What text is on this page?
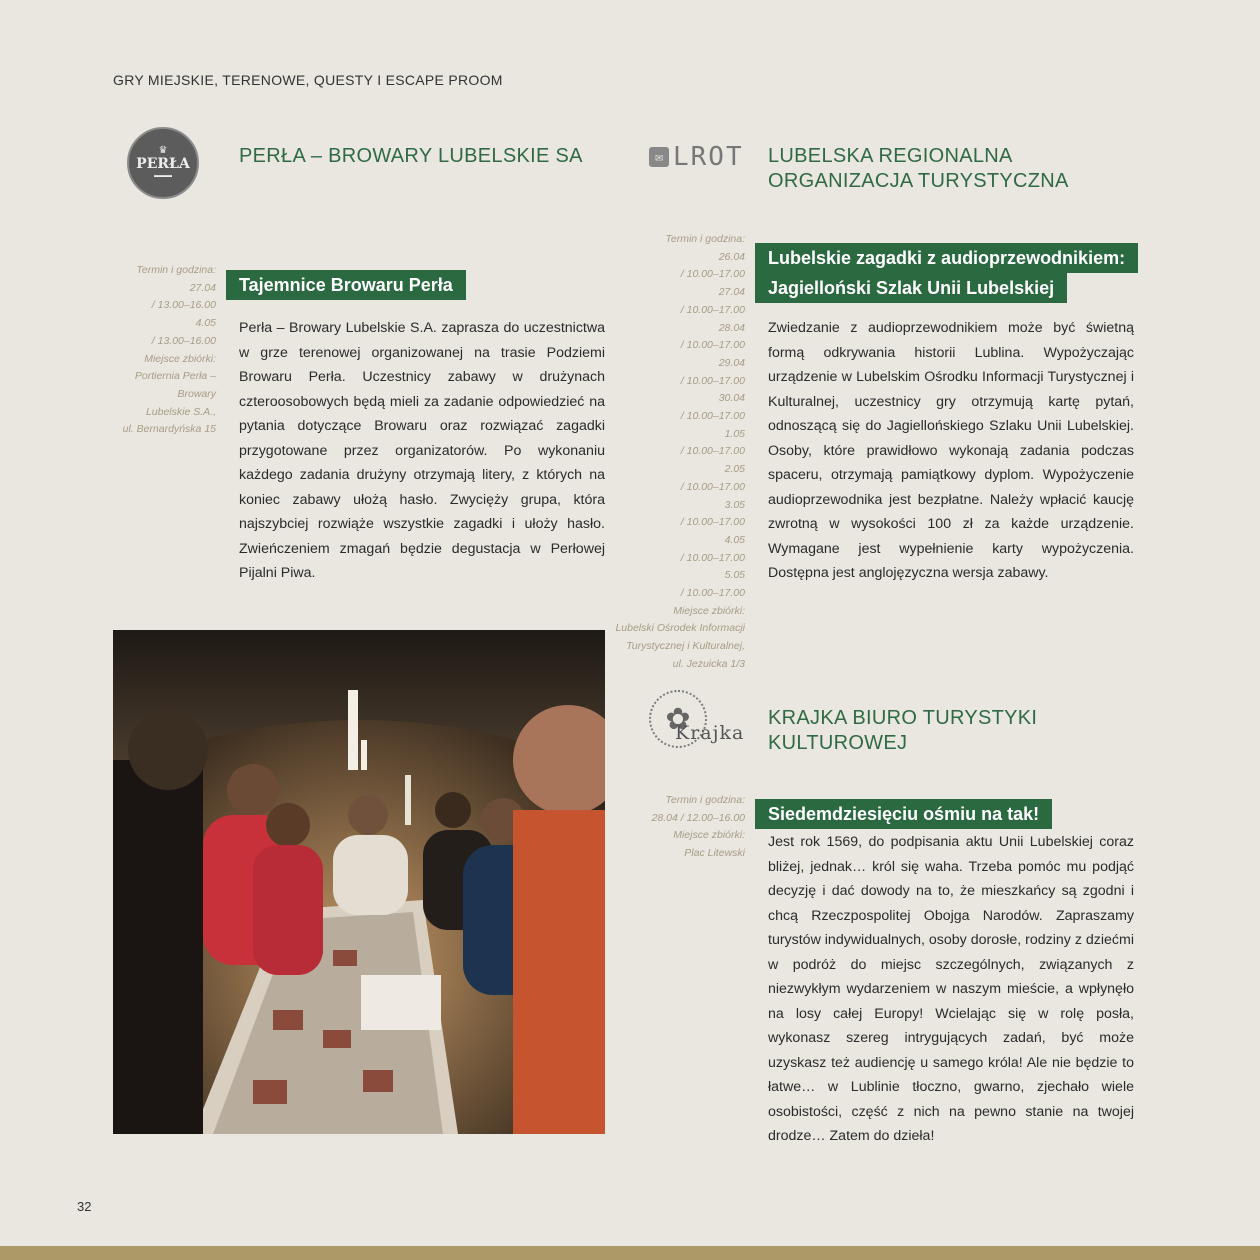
GRY MIEJSKIE, TERENOWE, QUESTY I ESCAPE PROOM
♛
PERŁA
▬▬▬
PERŁA – BROWARY LUBELSKIE SA
Termin i godzina:
27.04
/ 13.00–16.00
4.05
/ 13.00–16.00
Miejsce zbiórki:
Portiernia Perła –
Browary
Lubelskie S.A.,
ul. Bernardyńska 15
Tajemnice Browaru Perła
Perła – Browary Lubelskie S.A. zaprasza do uczestnictwa w grze terenowej organizowanej na trasie Podziemi Browaru Perła. Uczestnicy zabawy w drużynach czteroosobowych będą mieli za zadanie odpowiedzieć na pytania dotyczące Browaru oraz rozwiązać zagadki przygotowane przez organizatorów. Po wykonaniu każdego zadania drużyny otrzymają litery, z których na koniec zabawy ułożą hasło. Zwycięży grupa, która najszybciej rozwiąże wszystkie zagadki i ułoży hasło. Zwieńczeniem zmagań będzie degustacja w Perłowej Pijalni Piwa.
✉ LROT LUBELSKA REGIONALNA ORGANIZACJA TURYSTYCZNA
Termin i godzina:
26.04
/ 10.00–17.00
27.04
/ 10.00–17.00
28.04
/ 10.00–17.00
29.04
/ 10.00–17.00
30.04
/ 10.00–17.00
1.05
/ 10.00–17.00
2.05
/ 10.00–17.00
3.05
/ 10.00–17.00
4.05
/ 10.00–17.00
5.05
/ 10.00–17.00
Miejsce zbiórki:
Lubelski Ośrodek Informacji
Turystycznej i Kulturalnej,
ul. Jezuicka 1/3
Lubelskie zagadki z audioprzewodnikiem:
Jagielloński Szlak Unii Lubelskiej
Zwiedzanie z audioprzewodnikiem może być świetną formą odkrywania historii Lublina. Wypożyczając urządzenie w Lubelskim Ośrodku Informacji Turystycznej i Kulturalnej, uczestnicy gry otrzymują kartę pytań, odnoszącą się do Jagiellońskiego Szlaku Unii Lubelskiej. Osoby, które prawidłowo wykonają zadania podczas spaceru, otrzymają pamiątkowy dyplom. Wypożyczenie audioprzewodnika jest bezpłatne. Należy wpłacić kaucję zwrotną w wysokości 100 zł za każde urządzenie. Wymagane jest wypełnienie karty wypożyczenia. Dostępna jest anglojęzyczna wersja zabawy.
✿
Krajka
KRAJKA BIURO TURYSTYKI KULTUROWEJ
Termin i godzina:
28.04 / 12.00–16.00
Miejsce zbiórki:
Plac Litewski
Siedemdziesięciu ośmiu na tak!
Jest rok 1569, do podpisania aktu Unii Lubelskiej coraz bliżej, jednak… król się waha. Trzeba pomóc mu podjąć decyzję i dać dowody na to, że mieszkańcy są zgodni i chcą Rzeczpospolitej Obojga Narodów. Zapraszamy turystów indywidualnych, osoby dorosłe, rodziny z dziećmi w podróż do miejsc szczególnych, związanych z niezwykłym wydarzeniem w naszym mieście, a wpłynęło na losy całej Europy! Wcielając się w rolę posła, wykonasz szereg intrygujących zadań, być może uzyskasz też audiencję u samego króla! Ale nie będzie to łatwe… w Lublinie tłoczno, gwarno, zjechało wiele osobistości, część z nich na pewno stanie na twojej drodze… Zatem do dzieła!
32
